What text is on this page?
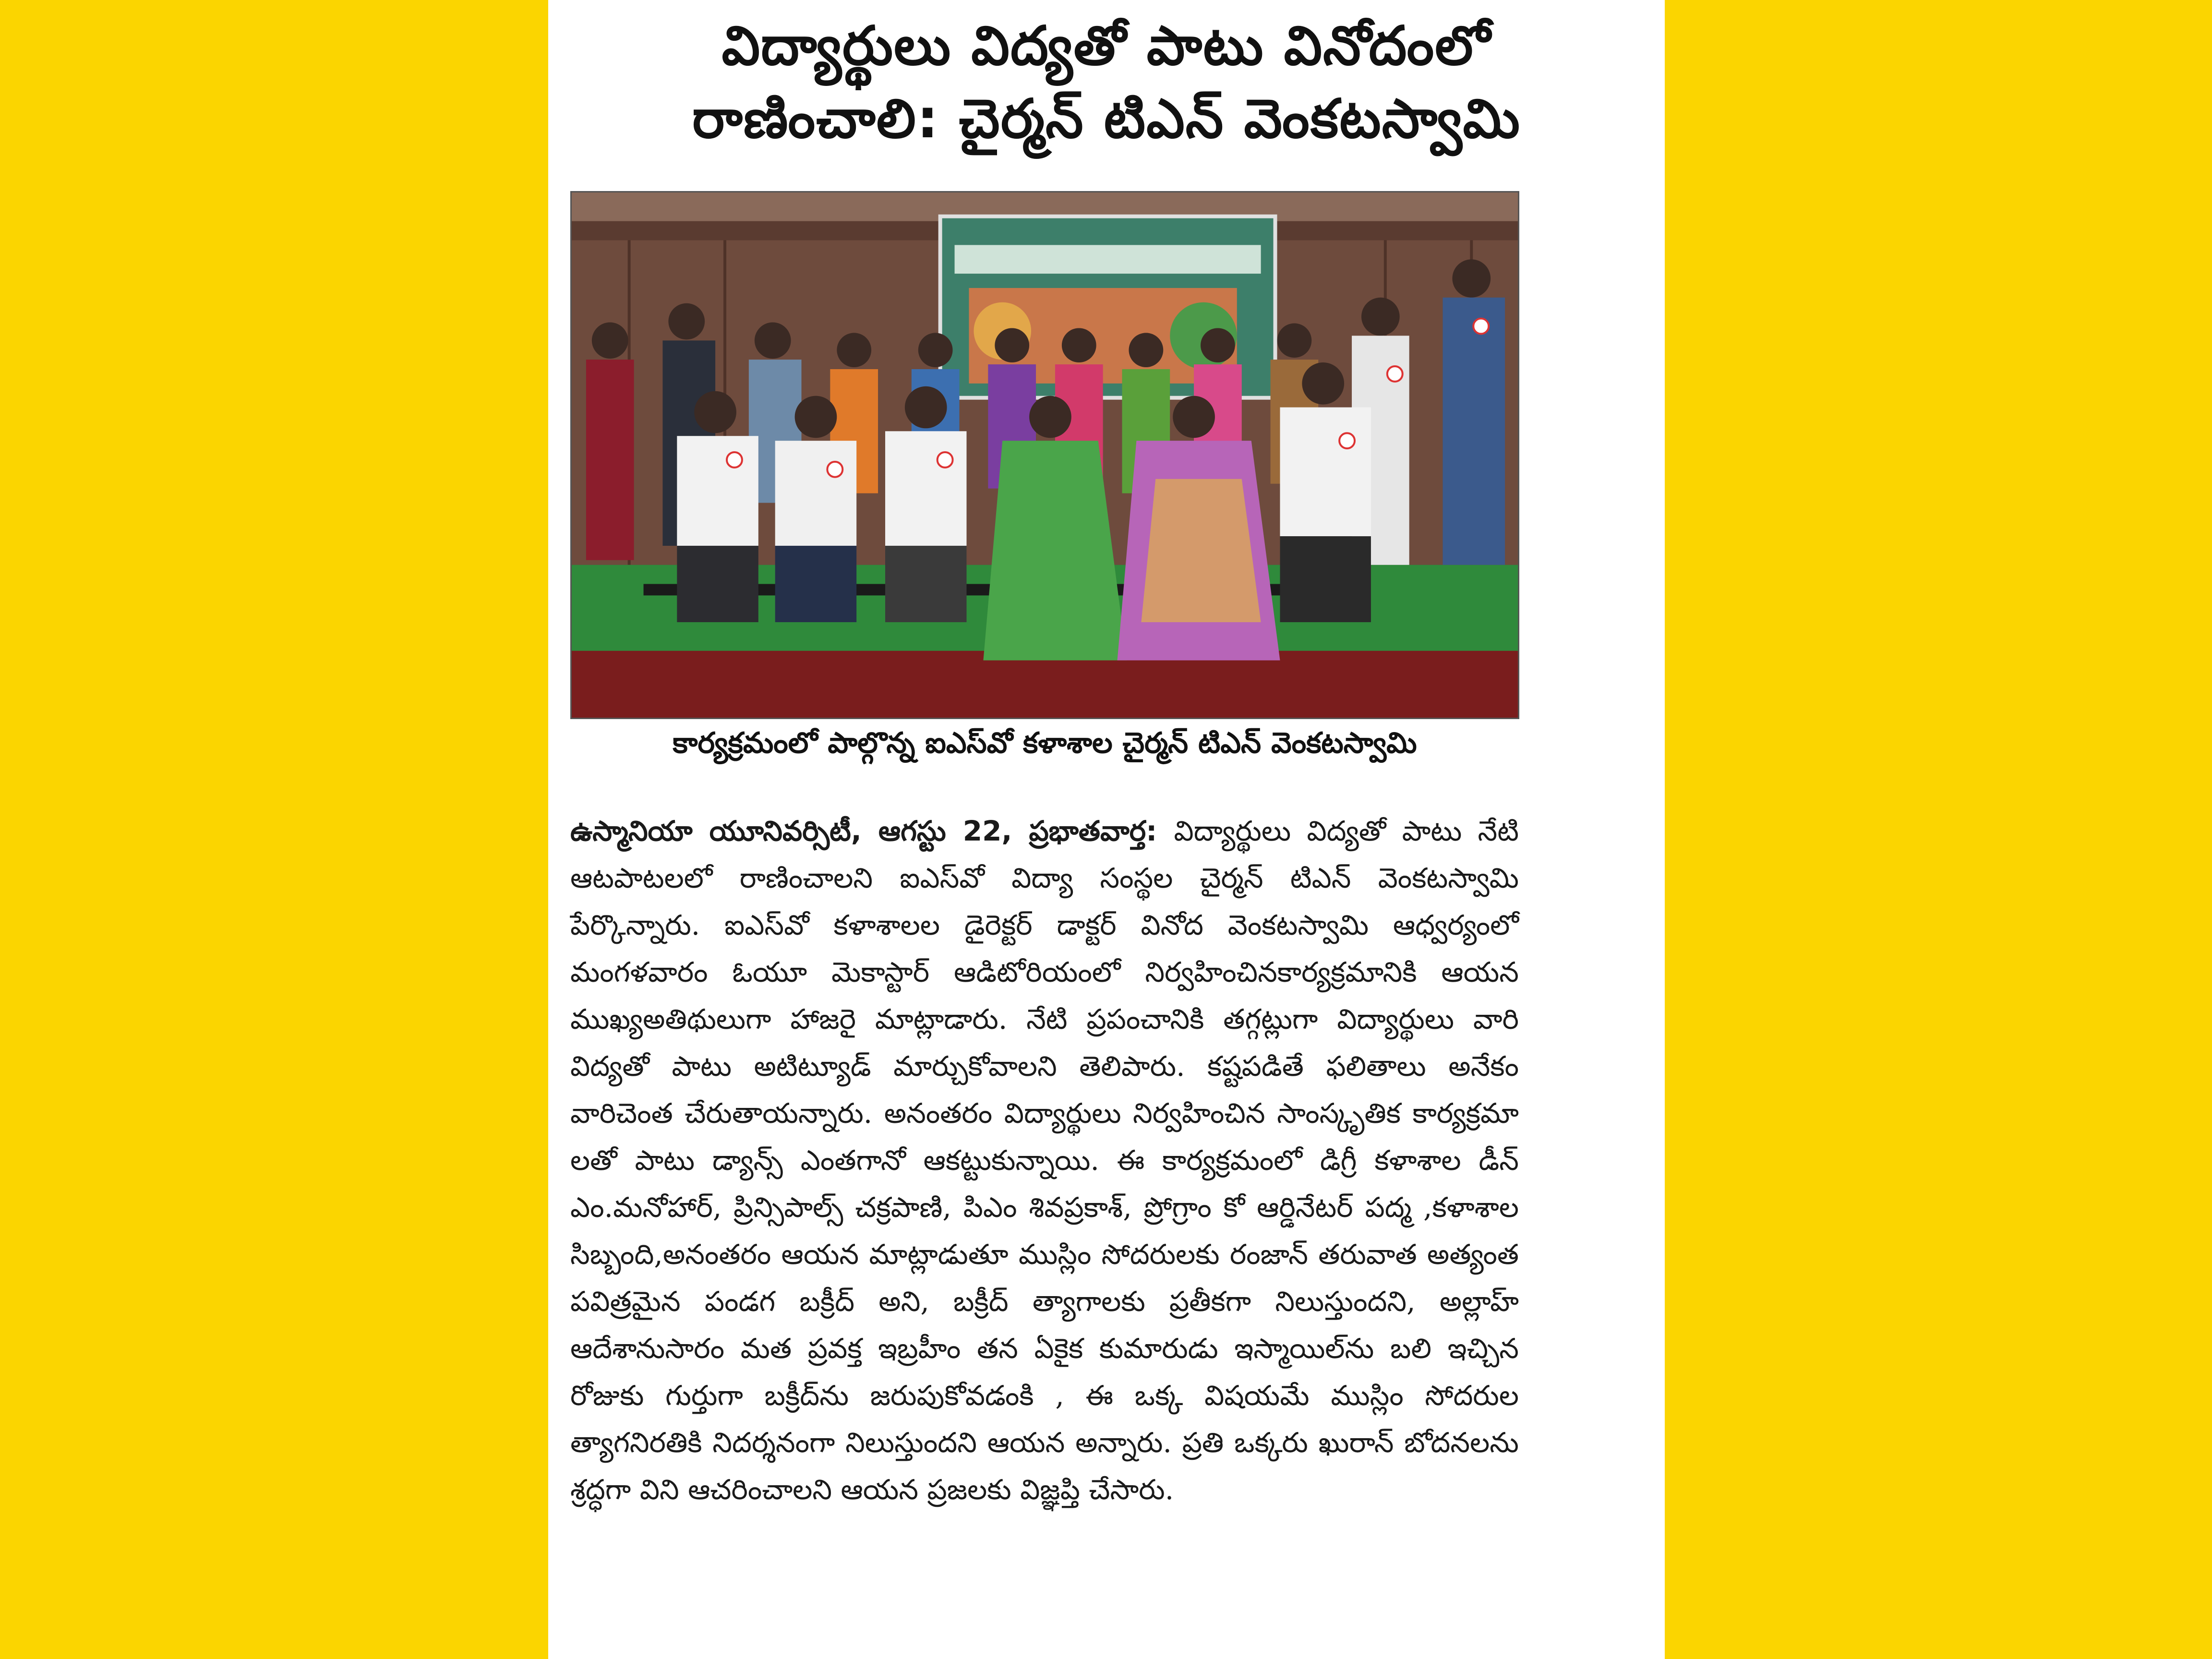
విద్యార్థులు విద్యతో పాటు వినోదంలో
రాణించాలి: చైర్మన్ టిఎన్ వెంకటస్వామి
కార్యక్రమంలో పాల్గొన్న ఐఎస్‌వో కళాశాల చైర్మన్ టిఎన్ వెంకటస్వామి
ఉస్మానియా యూనివర్సిటీ, ఆగస్టు 22, ప్రభాతవార్త: విద్యార్థులు విద్యతో పాటు నేటి ఆటపాటలలో రాణించాలని ఐఎస్‌వో విద్యా సంస్థల చైర్మన్ టిఎన్ వెంకటస్వామి పేర్కొన్నారు. ఐఎస్‌వో కళాశాలల డైరెక్టర్ డాక్టర్ వినోద వెంకటస్వామి ఆధ్వర్యంలో మంగళవారం ఓయూ మెకాస్టార్ ఆడిటోరియంలో నిర్వహించినకార్యక్రమానికి ఆయన ముఖ్యఅతిథులుగా హాజరై మాట్లాడారు. నేటి ప్రపంచానికి తగ్గట్లుగా విద్యార్థులు వారి విద్యతో పాటు అటిట్యూడ్ మార్చుకోవాలని తెలిపారు. కష్టపడితే ఫలితాలు అనేకం వారిచెంత చేరుతాయన్నారు. అనంతరం విద్యార్థులు నిర్వహించిన సాంస్కృతిక కార్యక్రమా లతో పాటు డ్యాన్స్ ఎంతగానో ఆకట్టుకున్నాయి. ఈ కార్యక్రమంలో డిగ్రీ కళాశాల డీన్ ఎం.మనోహార్, ప్రిన్సిపాల్స్ చక్రపాణి, పిఎం శివప్రకాశ్, ప్రోగ్రాం కో ఆర్డినేటర్ పద్మ ,కళాశాల సిబ్బంది,అనంతరం ఆయన మాట్లాడుతూ ముస్లిం సోదరులకు రంజాన్ తరువాత అత్యంత పవిత్రమైన పండగ బక్రీద్ అని, బక్రీద్ త్యాగాలకు ప్రతీకగా నిలుస్తుందని, అల్లాహ్ ఆదేశానుసారం మత ప్రవక్త ఇబ్రహీం తన ఏకైక కుమారుడు ఇస్మాయిల్‌ను బలి ఇచ్చిన రోజుకు గుర్తుగా బక్రీద్‌ను జరుపుకోవడంకి , ఈ ఒక్క విషయమే ముస్లిం సోదరుల త్యాగనిరతికి నిదర్శనంగా నిలుస్తుందని ఆయన అన్నారు. ప్రతి ఒక్కరు ఖురాన్ బోదనలను శ్రద్ధగా విని ఆచరించాలని ఆయన ప్రజలకు విజ్ఞప్తి చేసారు.
